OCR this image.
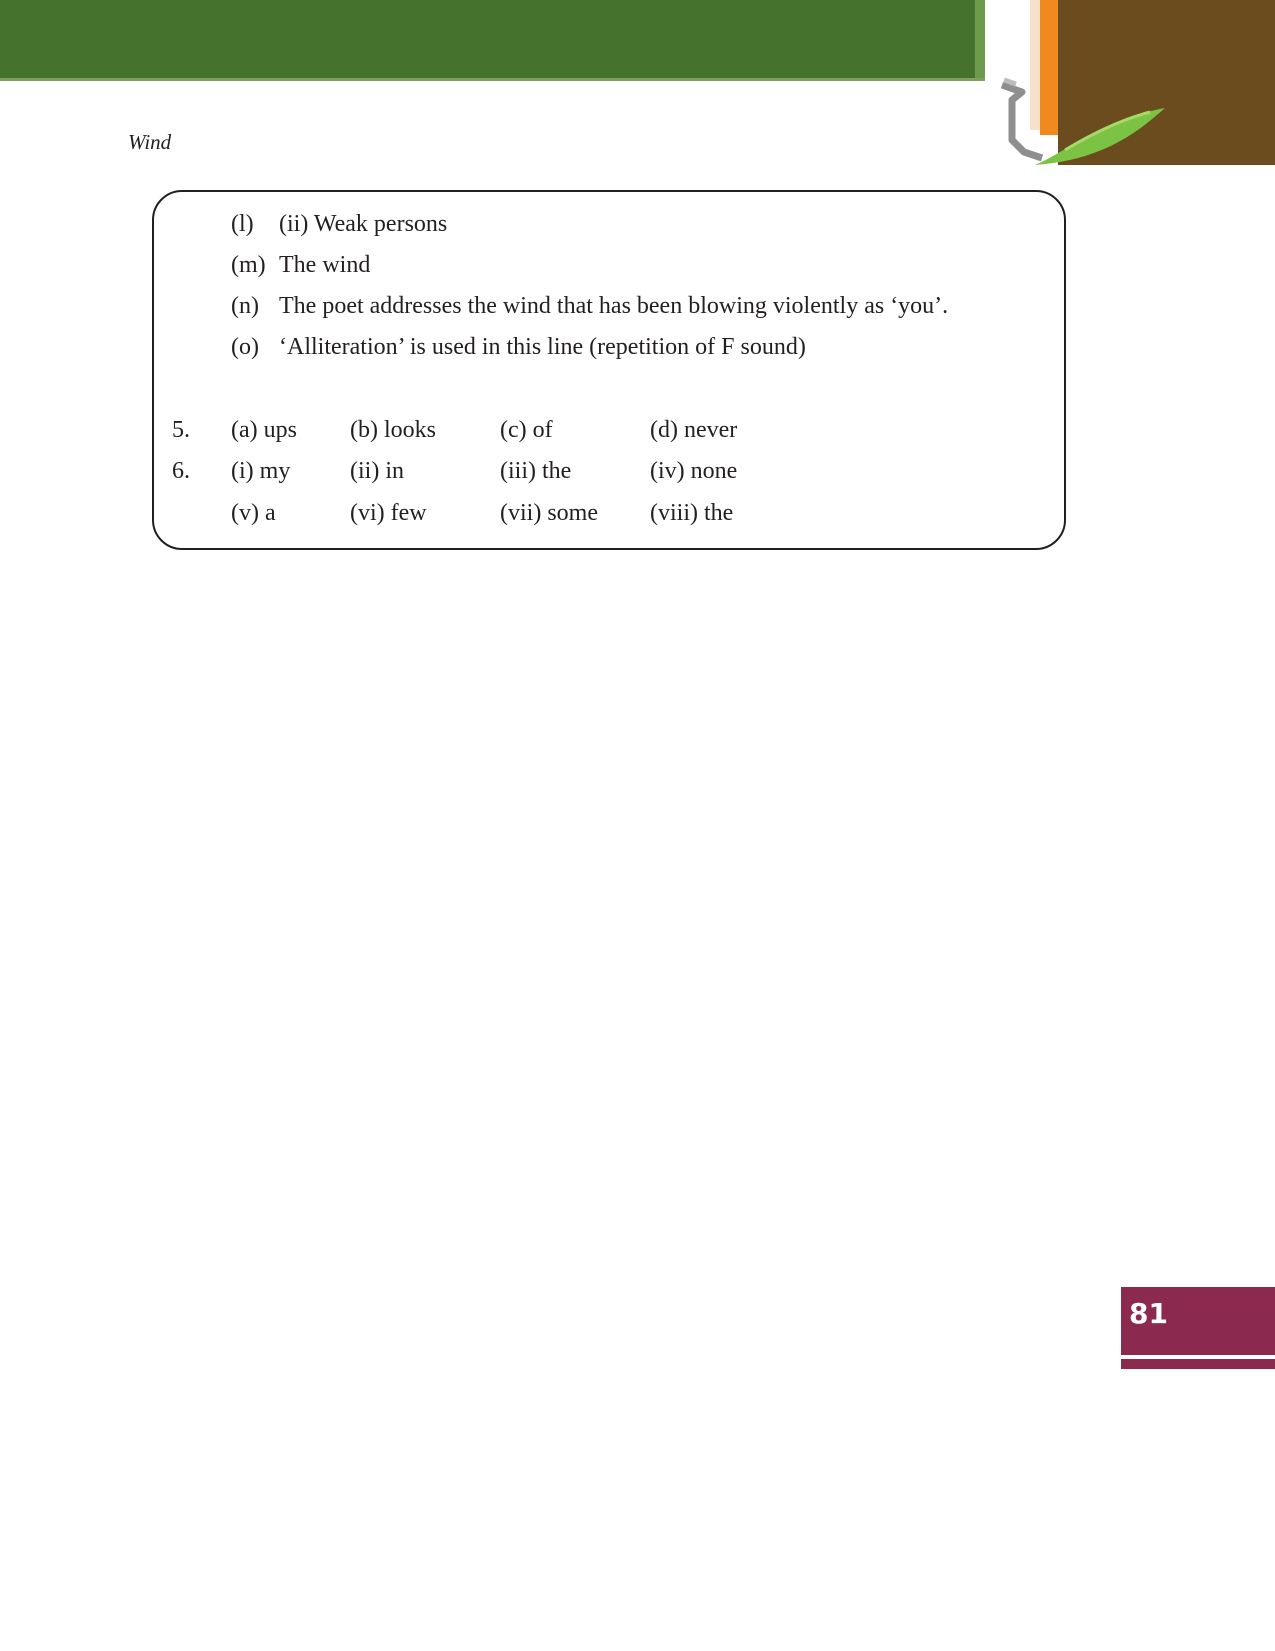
Wind
(l) (ii) Weak persons
(m) The wind
(n) The poet addresses the wind that has been blowing violently as ‘you’.
(o) ‘Alliteration’ is used in this line (repetition of F sound)
5. (a) ups (b) looks	(c) of	(d) never
6. (i) my (ii) in	(iii) the	(iv) none
(v) a	(vi) few	(vii) some (viii) the
81
